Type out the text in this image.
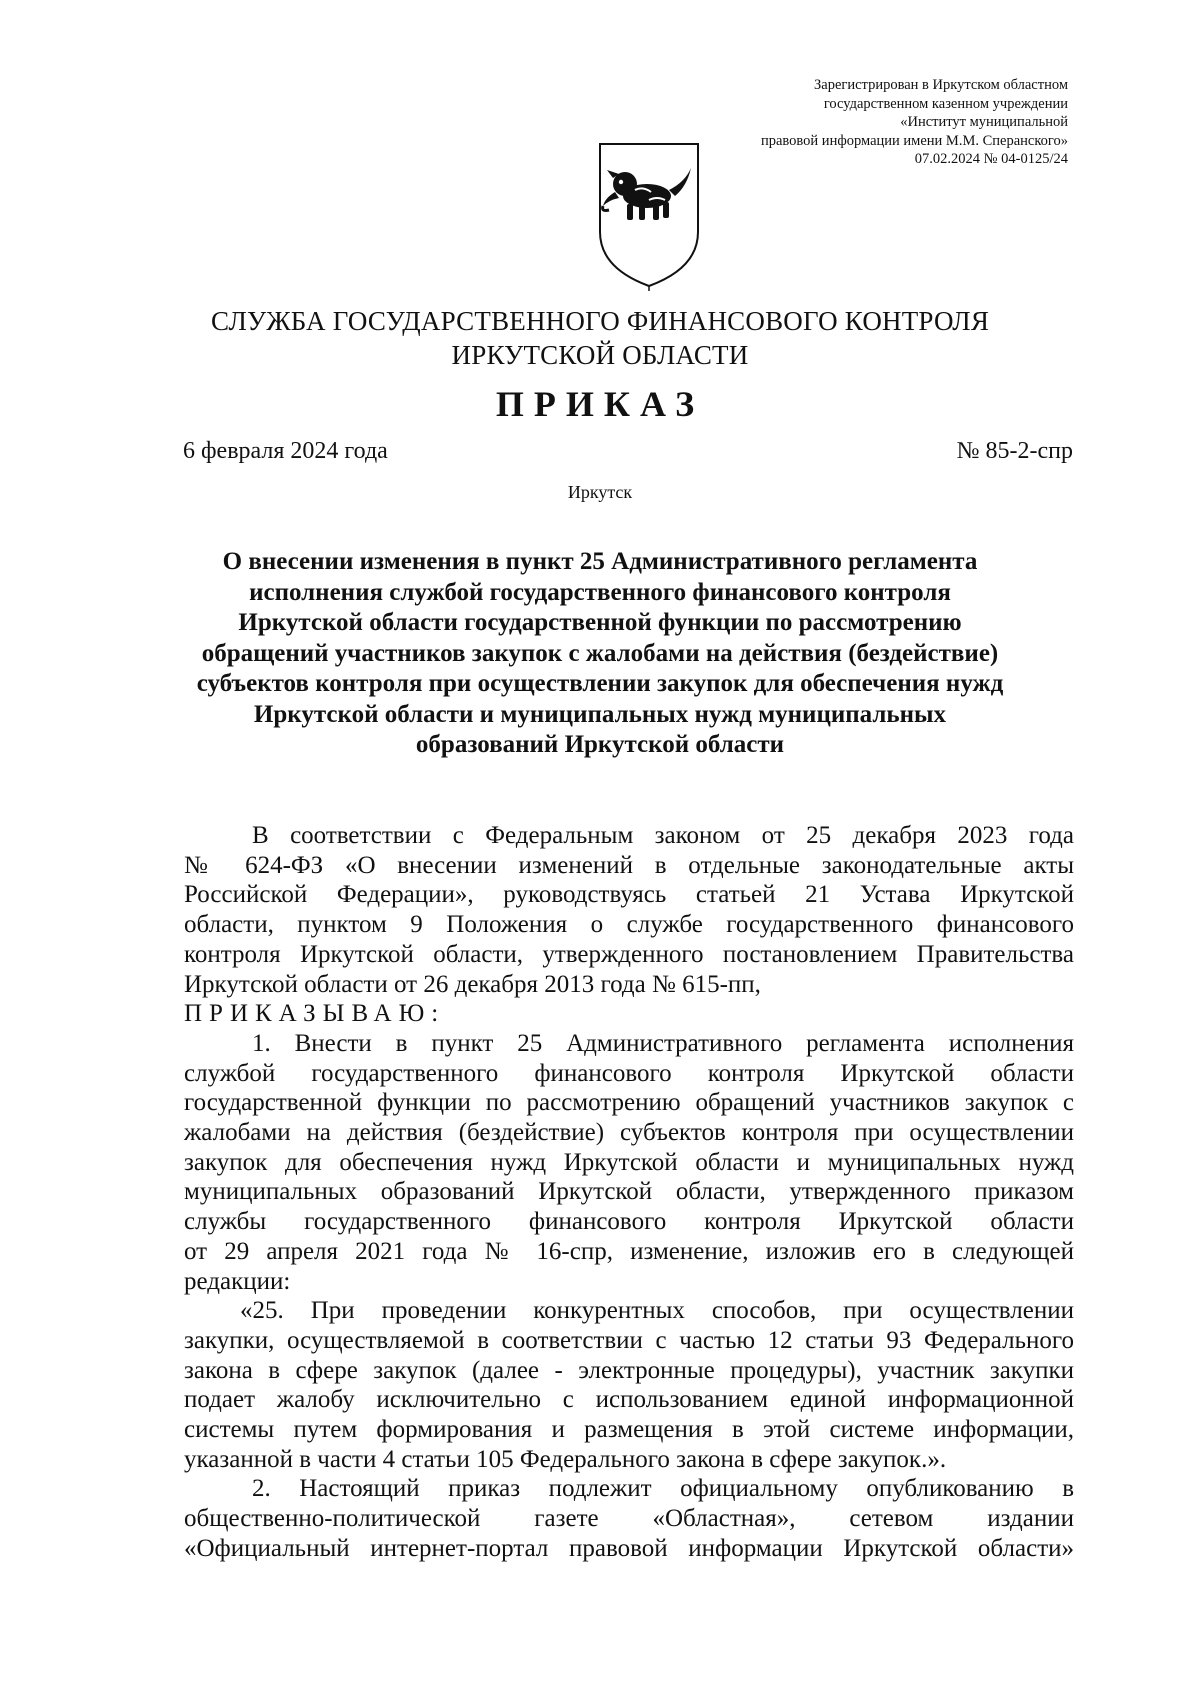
Зарегистрирован в Иркутском областном
государственном казенном учреждении
«Институт муниципальной
правовой информации имени М.М. Сперанского»
07.02.2024 № 04-0125/24
СЛУЖБА ГОСУДАРСТВЕННОГО ФИНАНСОВОГО КОНТРОЛЯ
ИРКУТСКОЙ ОБЛАСТИ
ПРИКАЗ
6 февраля 2024 года	№ 85-2-спр
Иркутск
О внесении изменения в пункт 25 Административного регламента
исполнения службой государственного финансового контроля
Иркутской области государственной функции по рассмотрению
обращений участников закупок с жалобами на действия (бездействие)
субъектов контроля при осуществлении закупок для обеспечения нужд
Иркутской области и муниципальных нужд муниципальных
образований Иркутской области
В соответствии с Федеральным законом от 25 декабря 2023 года
№ 624-ФЗ «О внесении изменений в отдельные законодательные акты
Российской Федерации», руководствуясь статьей 21 Устава Иркутской
области, пунктом 9 Положения о службе государственного финансового
контроля Иркутской области, утвержденного постановлением Правительства
Иркутской области от 26 декабря 2013 года № 615-пп,
ПРИКАЗЫВАЮ:
1. Внести в пункт 25 Административного регламента исполнения
службой государственного финансового контроля Иркутской области
государственной функции по рассмотрению обращений участников закупок с
жалобами на действия (бездействие) субъектов контроля при осуществлении
закупок для обеспечения нужд Иркутской области и муниципальных нужд
муниципальных образований Иркутской области, утвержденного приказом
службы государственного финансового контроля Иркутской области
от 29 апреля 2021 года № 16-спр, изменение, изложив его в следующей
редакции:
«25. При проведении конкурентных способов, при осуществлении
закупки, осуществляемой в соответствии с частью 12 статьи 93 Федерального
закона в сфере закупок (далее - электронные процедуры), участник закупки
подает жалобу исключительно с использованием единой информационной
системы путем формирования и размещения в этой системе информации,
указанной в части 4 статьи 105 Федерального закона в сфере закупок.».
2. Настоящий приказ подлежит официальному опубликованию в
общественно-политической газете «Областная», сетевом издании
«Официальный интернет-портал правовой информации Иркутской области»
